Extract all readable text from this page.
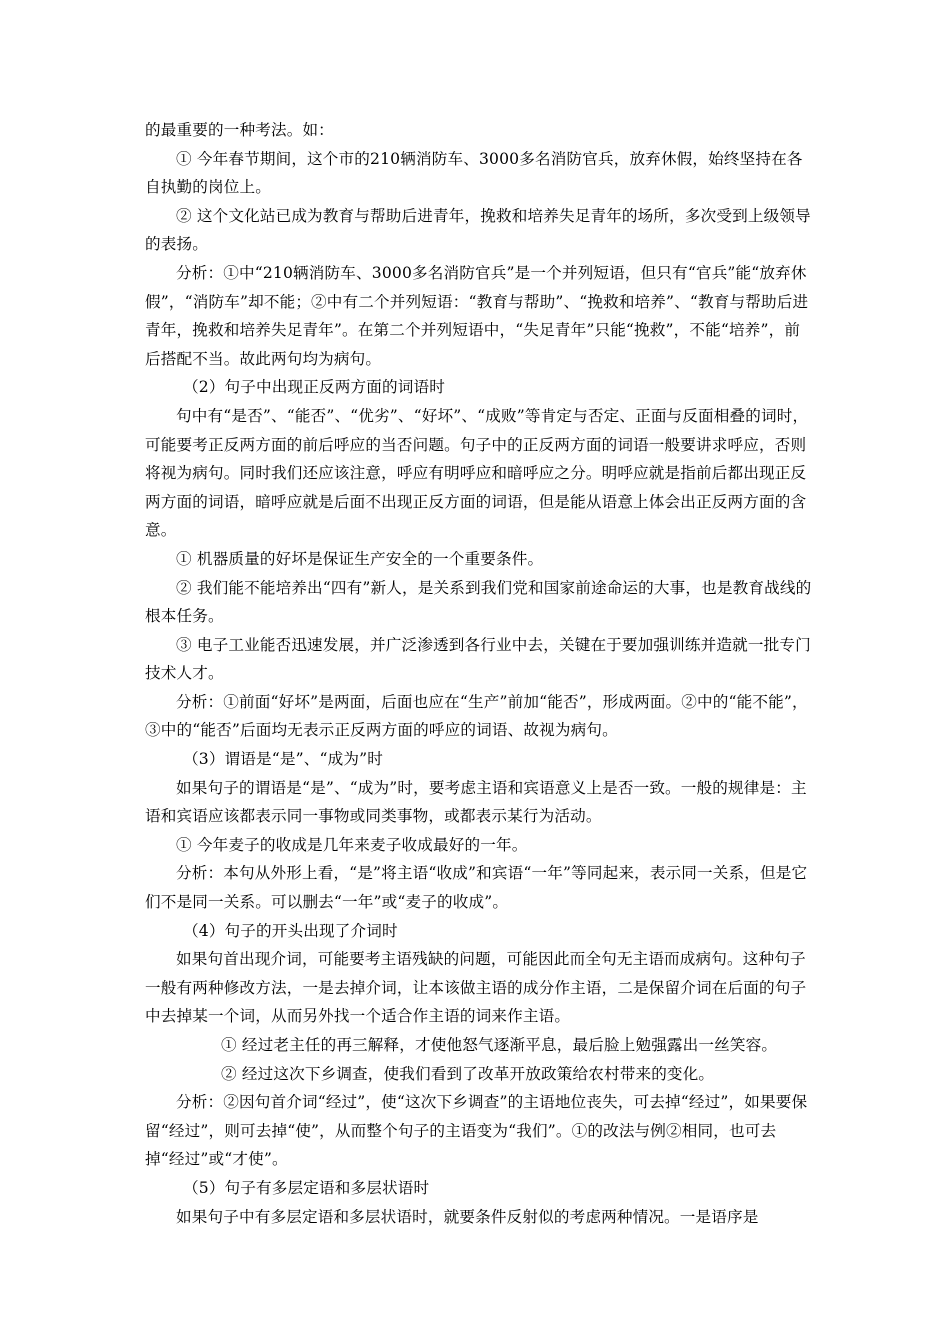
的最重要的一种考法。如：

① 今年春节期间，这个市的210辆消防车、3000多名消防官兵，放弃休假，始终坚持在各自执勤的岗位上。

② 这个文化站已成为教育与帮助后进青年，挽救和培养失足青年的场所，多次受到上级领导的表扬。

分析：①中“210辆消防车、3000多名消防官兵”是一个并列短语，但只有“官兵”能“放弃休假”，“消防车”却不能；②中有二个并列短语：“教育与帮助”、“挽救和培养”、“教育与帮助后进青年，挽救和培养失足青年”。在第二个并列短语中，“失足青年”只能“挽救”，不能“培养”，前后搭配不当。故此两句均为病句。

（2）句子中出现正反两方面的词语时

句中有“是否”、“能否”、“优劣”、“好坏”、“成败”等肯定与否定、正面与反面相叠的词时，可能要考正反两方面的前后呼应的当否问题。句子中的正反两方面的词语一般要讲求呼应，否则将视为病句。同时我们还应该注意，呼应有明呼应和暗呼应之分。明呼应就是指前后都出现正反两方面的词语，暗呼应就是后面不出现正反方面的词语，但是能从语意上体会出正反两方面的含意。

① 机器质量的好坏是保证生产安全的一个重要条件。

② 我们能不能培养出“四有”新人，是关系到我们党和国家前途命运的大事，也是教育战线的根本任务。

③ 电子工业能否迅速发展，并广泛渗透到各行业中去，关键在于要加强训练并造就一批专门技术人才。

分析：①前面“好坏”是两面，后面也应在“生产”前加“能否”，形成两面。②中的“能不能”，③中的“能否”后面均无表示正反两方面的呼应的词语、故视为病句。

（3）谓语是“是”、“成为”时

如果句子的谓语是“是”、“成为”时，要考虑主语和宾语意义上是否一致。一般的规律是：主语和宾语应该都表示同一事物或同类事物，或都表示某行为活动。

① 今年麦子的收成是几年来麦子收成最好的一年。

分析：本句从外形上看，“是”将主语“收成”和宾语“一年”等同起来，表示同一关系，但是它们不是同一关系。可以删去“一年”或“麦子的收成”。

（4）句子的开头出现了介词时

如果句首出现介词，可能要考主语残缺的问题，可能因此而全句无主语而成病句。这种句子一般有两种修改方法，一是去掉介词，让本该做主语的成分作主语，二是保留介词在后面的句子中去掉某一个词，从而另外找一个适合作主语的词来作主语。

① 经过老主任的再三解释，才使他怒气逐渐平息，最后脸上勉强露出一丝笑容。

② 经过这次下乡调查，使我们看到了改革开放政策给农村带来的变化。

分析：②因句首介词“经过”，使“这次下乡调查”的主语地位丧失，可去掉“经过”，如果要保留“经过”，则可去掉“使”，从而整个句子的主语变为“我们”。①的改法与例②相同，也可去掉“经过”或“才使”。

（5）句子有多层定语和多层状语时

如果句子中有多层定语和多层状语时，就要条件反射似的考虑两种情况。一是语序是
